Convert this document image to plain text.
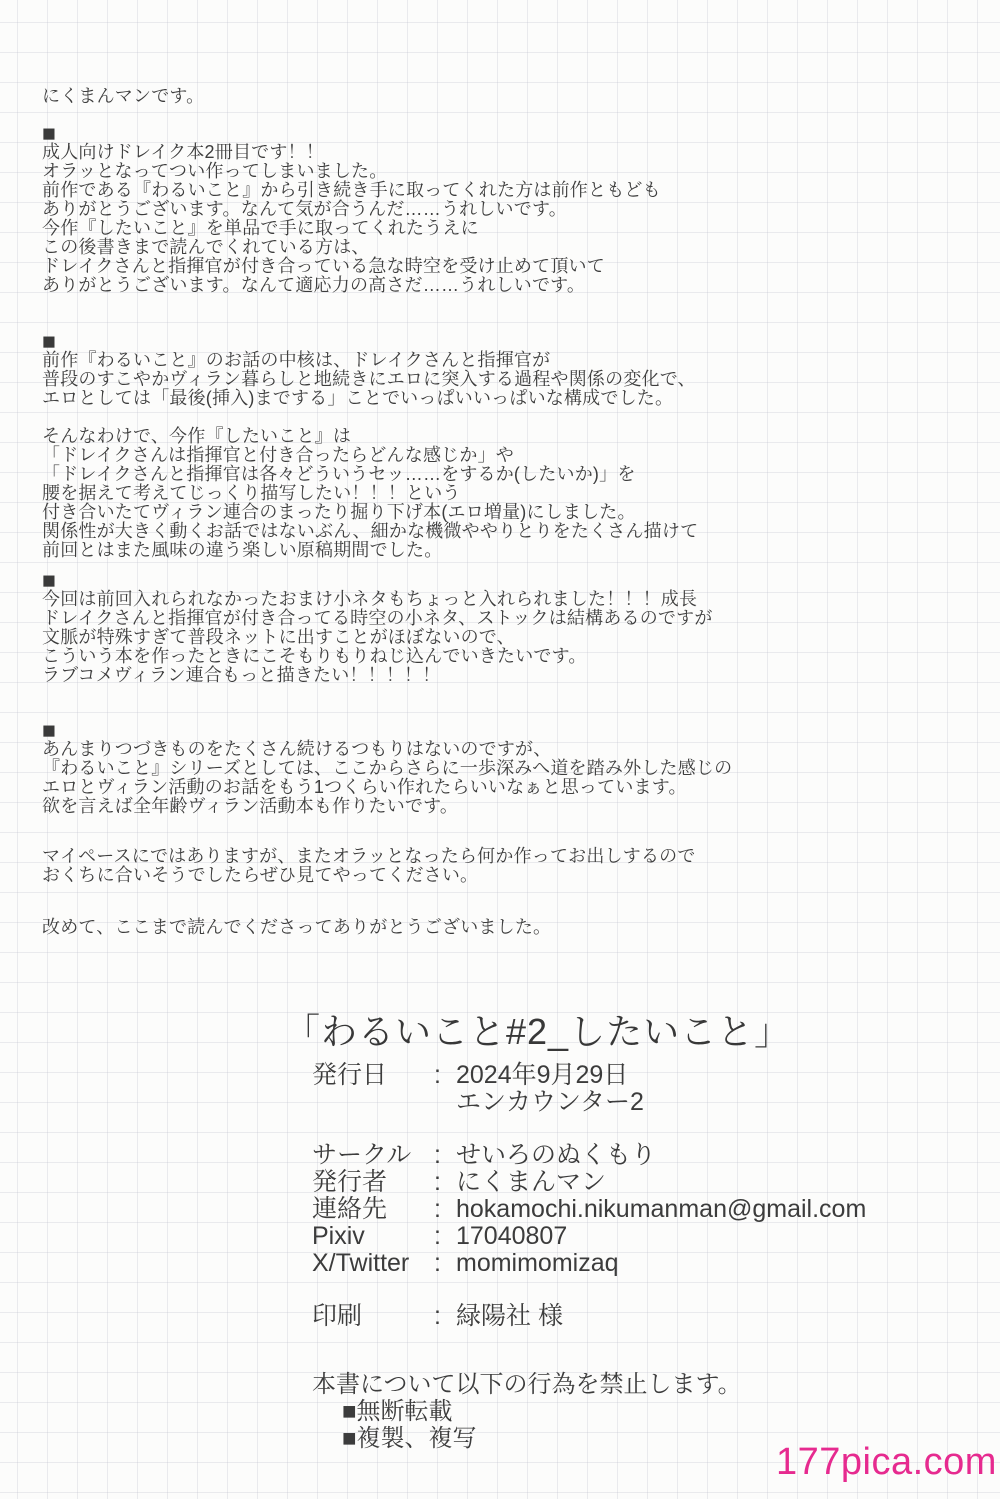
にくまんマンです。
■
成人向けドレイク本2冊目です！！
オラッとなってつい作ってしまいました。
前作である『わるいこと』から引き続き手に取ってくれた方は前作ともども
ありがとうございます。なんて気が合うんだ……うれしいです。
今作『したいこと』を単品で手に取ってくれたうえに
この後書きまで読んでくれている方は、
ドレイクさんと指揮官が付き合っている急な時空を受け止めて頂いて
ありがとうございます。なんて適応力の高さだ……うれしいです。
■
前作『わるいこと』のお話の中核は、ドレイクさんと指揮官が
普段のすこやかヴィラン暮らしと地続きにエロに突入する過程や関係の変化で、
エロとしては「最後(挿入)までする」ことでいっぱいいっぱいな構成でした。
そんなわけで、今作『したいこと』は
「ドレイクさんは指揮官と付き合ったらどんな感じか」や
「ドレイクさんと指揮官は各々どういうセッ……をするか(したいか)」を
腰を据えて考えてじっくり描写したい！！！という
付き合いたてヴィラン連合のまったり掘り下げ本(エロ増量)にしました。
関係性が大きく動くお話ではないぶん、細かな機微ややりとりをたくさん描けて
前回とはまた風味の違う楽しい原稿期間でした。
■
今回は前回入れられなかったおまけ小ネタもちょっと入れられました！！！成長
ドレイクさんと指揮官が付き合ってる時空の小ネタ、ストックは結構あるのですが
文脈が特殊すぎて普段ネットに出すことがほぼないので、
こういう本を作ったときにこそもりもりねじ込んでいきたいです。
ラブコメヴィラン連合もっと描きたい！！！！！
■
あんまりつづきものをたくさん続けるつもりはないのですが、
『わるいこと』シリーズとしては、ここからさらに一歩深みへ道を踏み外した感じの
エロとヴィラン活動のお話をもう1つくらい作れたらいいなぁと思っています。
欲を言えば全年齢ヴィラン活動本も作りたいです。
マイペースにではありますが、またオラッとなったら何か作ってお出しするので
おくちに合いそうでしたらぜひ見てやってください。
改めて、ここまで読んでくださってありがとうございました。
「わるいこと#2_したいこと」
発行日	: 2024年9月29日
エンカウンター2
サークル : せいろのぬくもり
発行者	: にくまんマン
連絡先	: hokamochi.nikumanman@gmail.com
Pixiv	: 17040807
X/Twitter : momimomizaq
印刷	: 緑陽社 様
本書について以下の行為を禁止します。
■無断転載
■複製、複写
177pica.com
